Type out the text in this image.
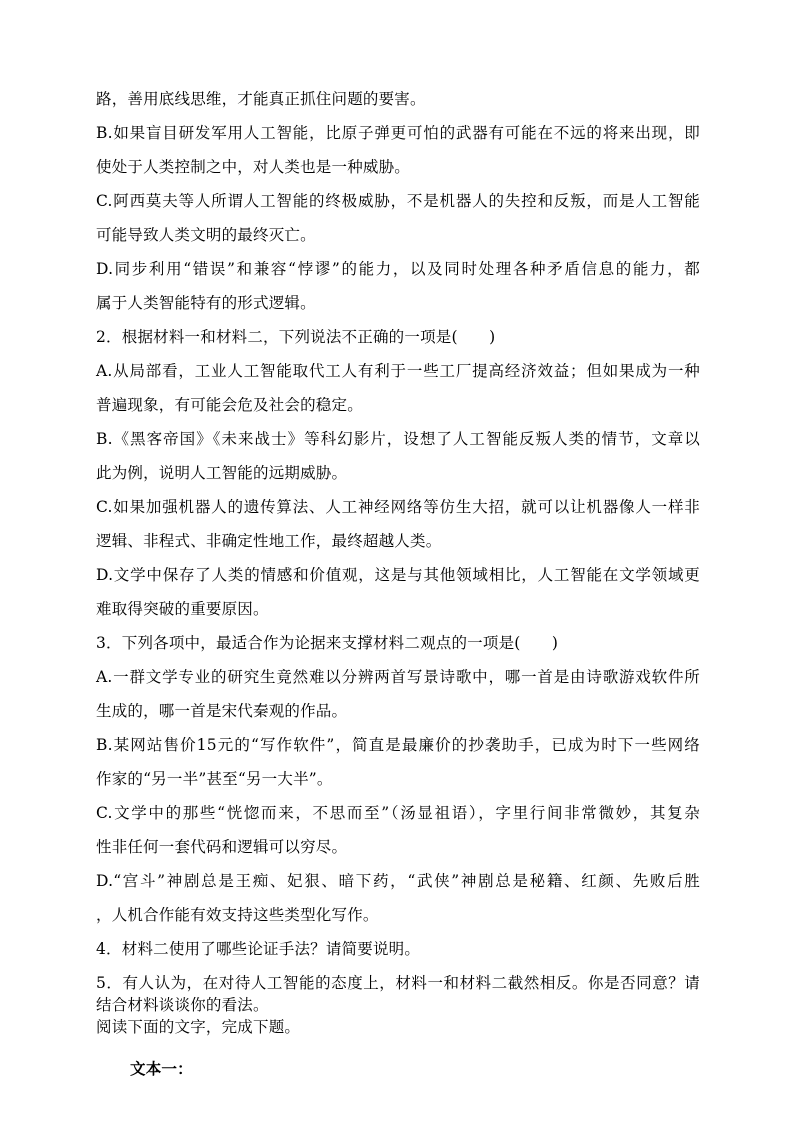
路，善用底线思维，才能真正抓住问题的要害。

B.如果盲目研发军用人工智能，比原子弹更可怕的武器有可能在不远的将来出现，即

使处于人类控制之中，对人类也是一种威胁。

C.阿西莫夫等人所谓人工智能的终极威胁，不是机器人的失控和反叛，而是人工智能

可能导致人类文明的最终灭亡。

D.同步利用“错误”和兼容“悖谬”的能力，以及同时处理各种矛盾信息的能力，都

属于人类智能特有的形式逻辑。

2．根据材料一和材料二，下列说法不正确的一项是(　　)

A.从局部看，工业人工智能取代工人有利于一些工厂提高经济效益；但如果成为一种

普遍现象，有可能会危及社会的稳定。

B.《黑客帝国》《未来战士》等科幻影片，设想了人工智能反叛人类的情节，文章以

此为例，说明人工智能的远期威胁。

C.如果加强机器人的遗传算法、人工神经网络等仿生大招，就可以让机器像人一样非

逻辑、非程式、非确定性地工作，最终超越人类。

D.文学中保存了人类的情感和价值观，这是与其他领域相比，人工智能在文学领域更

难取得突破的重要原因。

3．下列各项中，最适合作为论据来支撑材料二观点的一项是(　　)

A.一群文学专业的研究生竟然难以分辨两首写景诗歌中，哪一首是由诗歌游戏软件所

生成的，哪一首是宋代秦观的作品。

B.某网站售价15元的“写作软件”，简直是最廉价的抄袭助手，已成为时下一些网络

作家的“另一半”甚至“另一大半”。

C.文学中的那些“恍惚而来，不思而至”（汤显祖语），字里行间非常微妙，其复杂

性非任何一套代码和逻辑可以穷尽。

D.“宫斗”神剧总是王痴、妃狠、暗下药，“武侠”神剧总是秘籍、红颜、先败后胜

，人机合作能有效支持这些类型化写作。

4．材料二使用了哪些论证手法？请简要说明。

5．有人认为，在对待人工智能的态度上，材料一和材料二截然相反。你是否同意？请

结合材料谈谈你的看法。

阅读下面的文字，完成下题。

文本一：
